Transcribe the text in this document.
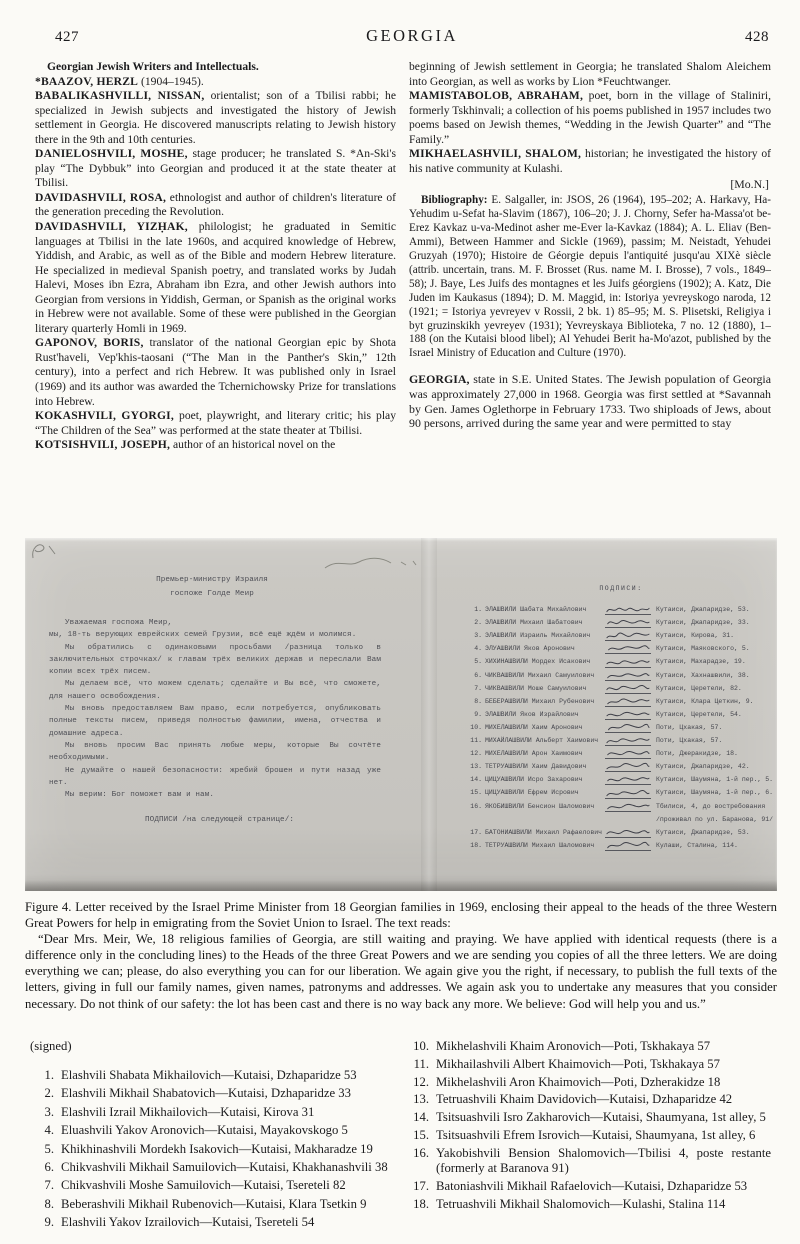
427	GEORGIA	428

Georgian Jewish Writers and Intellectuals.

*BAAZOV, HERZL (1904–1945).

BABALIKASHVILLI, NISSAN, orientalist; son of a Tbilisi rabbi; he specialized in Jewish subjects and investigated the history of Jewish settlement in Georgia. He discovered manuscripts relating to Jewish history there in the 9th and 10th centuries.

DANIELOSHVILI, MOSHE, stage producer; he translated S. *An-Ski's play “The Dybbuk” into Georgian and produced it at the state theater at Tbilisi.

DAVIDASHVILI, ROSA, ethnologist and author of children's literature of the generation preceding the Revolution.

DAVIDASHVILI, YIZḤAK, philologist; he graduated in Semitic languages at Tbilisi in the late 1960s, and acquired knowledge of Hebrew, Yiddish, and Arabic, as well as of the Bible and modern Hebrew literature. He specialized in medieval Spanish poetry, and translated works by Judah Halevi, Moses ibn Ezra, Abraham ibn Ezra, and other Jewish authors into Georgian from versions in Yiddish, German, or Spanish as the original works in Hebrew were not available. Some of these were published in the Georgian literary quarterly Homli in 1969.

GAPONOV, BORIS, translator of the national Georgian epic by Shota Rust'haveli, Vep'khis-taosani (“The Man in the Panther's Skin,” 12th century), into a perfect and rich Hebrew. It was published only in Israel (1969) and its author was awarded the Tchernichowsky Prize for translations into Hebrew.

KOKASHVILI, GYORGI, poet, playwright, and literary critic; his play “The Children of the Sea” was performed at the state theater at Tbilisi.

KOTSISHVILI, JOSEPH, author of an historical novel on the

beginning of Jewish settlement in Georgia; he translated Shalom Aleichem into Georgian, as well as works by Lion *Feuchtwanger.

MAMISTABOLOB, ABRAHAM, poet, born in the village of Staliniri, formerly Tskhinvali; a collection of his poems published in 1957 includes two poems based on Jewish themes, “Wedding in the Jewish Quarter” and “The Family.”

MIKHAELASHVILI, SHALOM, historian; he investigated the history of his native community at Kulashi.

[Mo.N.]

Bibliography: E. Salgaller, in: JSOS, 26 (1964), 195–202; A. Harkavy, Ha-Yehudim u-Sefat ha-Slavim (1867), 106–20; J. J. Chorny, Sefer ha-Massa'ot be-Erez Kavkaz u-va-Medinot asher me-Ever la-Kavkaz (1884); A. L. Eliav (Ben-Ammi), Between Hammer and Sickle (1969), passim; M. Neistadt, Yehudei Gruzyah (1970); Histoire de Géorgie depuis l'antiquité jusqu'au XIXè siècle (attrib. uncertain, trans. M. F. Brosset (Rus. name M. I. Brosse), 7 vols., 1849–58); J. Baye, Les Juifs des montagnes et les Juifs géorgiens (1902); A. Katz, Die Juden im Kaukasus (1894); D. M. Maggid, in: Istoriya yevreyskogo naroda, 12 (1921; = Istoriya yevreyev v Rossii, 2 bk. 1) 85–95; M. S. Plisetski, Religiya i byt gruzinskikh yevreyev (1931); Yevreyskaya Biblioteka, 7 no. 12 (1880), 1–188 (on the Kutaisi blood libel); Al Yehudei Berit ha-Mo'azot, published by the Israel Ministry of Education and Culture (1970).

GEORGIA, state in S.E. United States. The Jewish population of Georgia was approximately 27,000 in 1968. Georgia was first settled at *Savannah by Gen. James Oglethorpe in February 1733. Two shiploads of Jews, about 90 persons, arrived during the same year and were permitted to stay

Премьер-министру Израиля
госпоже Голде Меир
Уважаемая госпожа Меир,

мы, 18-ть верующих еврейских семей Грузии, всё ещё ждём и молимся.

Мы обратились с одинаковыми просьбами /разница только в заключительных строчках/ к главам трёх великих держав и переслали Вам копии всех трёх писем.

Мы делаем всё, что можем сделать; сделайте и Вы всё, что сможете, для нашего освобождения.

Мы вновь предоставляем Вам право, если потребуется, опубликовать полные тексты писем, приведя полностью фамилии, имена, отчества и домашние адреса.

Мы вновь просим Вас принять любые меры, которые Вы сочтёте необходимыми.

Не думайте о нашей безопасности: жребий брошен и пути назад уже нет.

Мы верим: Бог поможет вам и нам.

ПОДПИСИ /на следующей странице/:
ПОДПИСИ:
1. ЭЛАШВИЛИ Шабата Михайлович	Кутаиси, Джапаридзе, 53.
2. ЭЛАШВИЛИ Михаил Шабатович	Кутаиси, Джапаридзе, 33.
3. ЭЛАШВИЛИ Израиль Михайлович	Кутаиси, Кирова, 31.
4. ЭЛУАШВИЛИ Яков Аронович	Кутаиси, Маяковского, 5.
5. ХИХИНАШВИЛИ Мордех Исакович	Кутаиси, Махарадзе, 19.
6. ЧИКВАШВИЛИ Михаил Самуилович	Кутаиси, Хахнашвили, 38.
7. ЧИКВАШВИЛИ Моше Самуилович	Кутаиси, Церетели, 82.
8. БЕБЕРАШВИЛИ Михаил Рубенович	Кутаиси, Клара Цеткин, 9.
9. ЭЛАШВИЛИ Яков Израйлович	Кутаиси, Церетели, 54.
10. МИХЕЛАШВИЛИ Хаим Аронович	Поти, Цхакая, 57.
11. МИХАЙЛАШВИЛИ Альберт Хаимович	Поти, Цхакая, 57.
12. МИХЕЛАШВИЛИ Арон Хаимович	Поти, Джеракидзе, 18.
13. ТЕТРУАШВИЛИ Хаим Давидович	Кутаиси, Джапаридзе, 42.
14. ЦИЦУАШВИЛИ Исро Захарович	Кутаиси, Шаумяна, 1-й пер., 5.
15. ЦИЦУАШВИЛИ Ефрем Исрович	Кутаиси, Шаумяна, 1-й пер., 6.
16. ЯКОБИШВИЛИ Бенсион Шаломович	Тбилиси, 4, до востребования
/проживал по ул. Баранова, 91/
17. БАТОНИАШВИЛИ Михаил Рафаелович	Кутаиси, Джапаридзе, 53.
18. ТЕТРУАШВИЛИ Михаил Шаломович	Кулаши, Сталина, 114.

Figure 4. Letter received by the Israel Prime Minister from 18 Georgian families in 1969, enclosing their appeal to the heads of the three Western Great Powers for help in emigrating from the Soviet Union to Israel. The text reads:

“Dear Mrs. Meir, We, 18 religious families of Georgia, are still waiting and praying. We have applied with identical requests (there is a difference only in the concluding lines) to the Heads of the three Great Powers and we are sending you copies of all the three letters. We are doing everything we can; please, do also everything you can for our liberation. We again give you the right, if necessary, to publish the full texts of the letters, giving in full our family names, given names, patronyms and addresses. We again ask you to undertake any measures that you consider necessary. Do not think of our safety: the lot has been cast and there is no way back any more. We believe: God will help you and us.”

(signed)

1. Elashvili Shabata Mikhailovich—Kutaisi, Dzhaparidze 53
2. Elashvili Mikhail Shabatovich—Kutaisi, Dzhaparidze 33
3. Elashvili Izrail Mikhailovich—Kutaisi, Kirova 31
4. Eluashvili Yakov Aronovich—Kutaisi, Mayakovskogo 5
5. Khikhinashvili Mordekh Isakovich—Kutaisi, Makharadze 19
6. Chikvashvili Mikhail Samuilovich—Kutaisi, Khakhanashvili 38
7. Chikvashvili Moshe Samuilovich—Kutaisi, Tsereteli 82
8. Beberashvili Mikhail Rubenovich—Kutaisi, Klara Tsetkin 9
9. Elashvili Yakov Izrailovich—Kutaisi, Tsereteli 54
10. Mikhelashvili Khaim Aronovich—Poti, Tskhakaya 57
11. Mikhailashvili Albert Khaimovich—Poti, Tskhakaya 57
12. Mikhelashvili Aron Khaimovich—Poti, Dzherakidze 18
13. Tetruashvili Khaim Davidovich—Kutaisi, Dzhaparidze 42
14. Tsitsuashvili Isro Zakharovich—Kutaisi, Shaumyana, 1st alley, 5
15. Tsitsuashvili Efrem Isrovich—Kutaisi, Shaumyana, 1st alley, 6
16. Yakobishvili Bension Shalomovich—Tbilisi 4, poste restante (formerly at Baranova 91)
17. Batoniashvili Mikhail Rafaelovich—Kutaisi, Dzhaparidze 53
18. Tetruashvili Mikhail Shalomovich—Kulashi, Stalina 114
